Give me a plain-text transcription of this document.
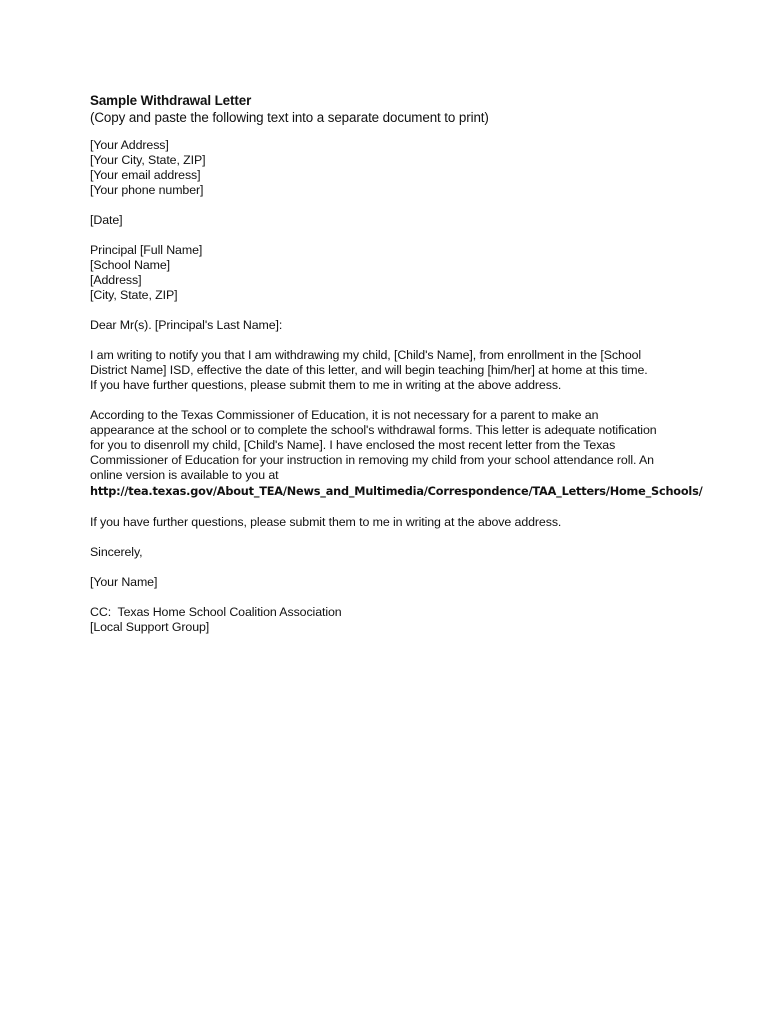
Sample Withdrawal Letter
(Copy and paste the following text into a separate document to print)
[Your Address]
[Your City, State, ZIP]
[Your email address]
[Your phone number]
[Date]
Principal [Full Name]
[School Name]
[Address]
[City, State, ZIP]
Dear Mr(s). [Principal's Last Name]:
I am writing to notify you that I am withdrawing my child, [Child's Name], from enrollment in the [School
District Name] ISD, effective the date of this letter, and will begin teaching [him/her] at home at this time.
If you have further questions, please submit them to me in writing at the above address.
According to the Texas Commissioner of Education, it is not necessary for a parent to make an
appearance at the school or to complete the school's withdrawal forms. This letter is adequate notification
for you to disenroll my child, [Child's Name]. I have enclosed the most recent letter from the Texas
Commissioner of Education for your instruction in removing my child from your school attendance roll. An
online version is available to you at
http://tea.texas.gov/About_TEA/News_and_Multimedia/Correspondence/TAA_Letters/Home_Schools/
If you have further questions, please submit them to me in writing at the above address.
Sincerely,
[Your Name]
CC:  Texas Home School Coalition Association
[Local Support Group]
